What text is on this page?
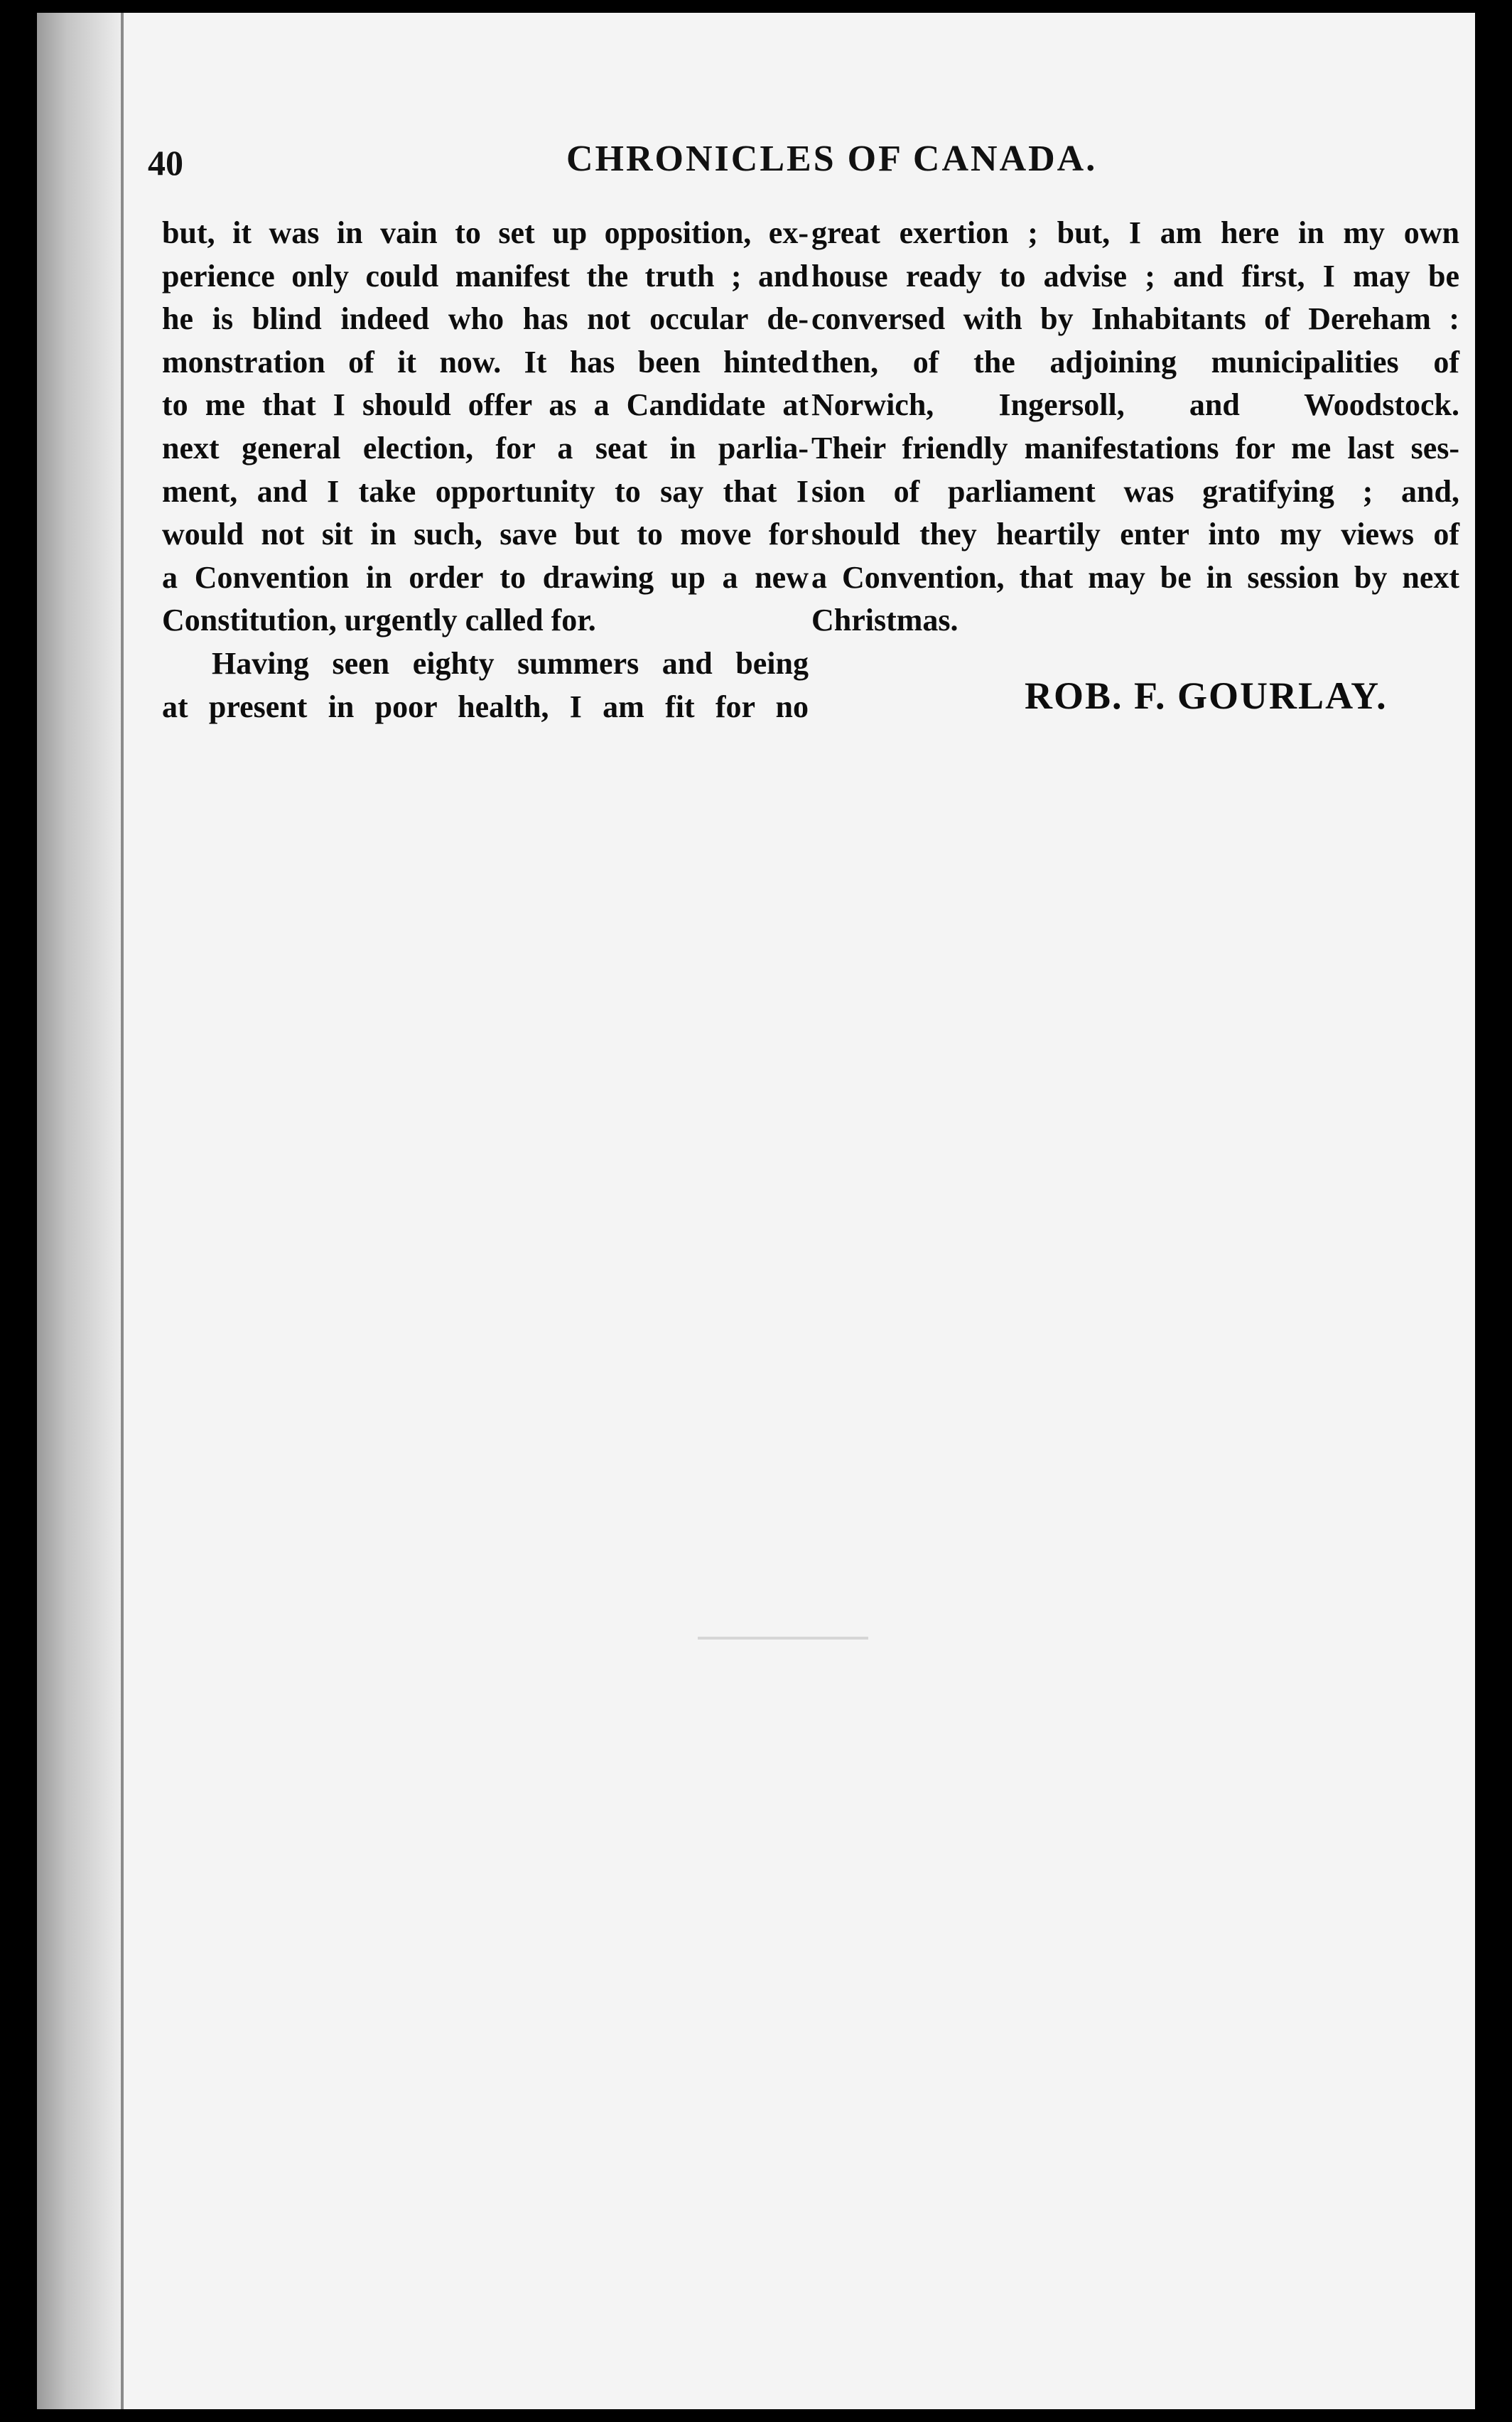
40	CHRONICLES OF CANADA.
but, it was in vain to set up opposition, ex-
perience only could manifest the truth ; and
he is blind indeed who has not occular de-
monstration of it now. It has been hinted
to me that I should offer as a Candidate at
next general election, for a seat in parlia-
ment, and I take opportunity to say that I
would not sit in such, save but to move for
a Convention in order to drawing up a new
Constitution, urgently called for.
Having seen eighty summers and being
at present in poor health, I am fit for no
great exertion ; but, I am here in my own
house ready to advise ; and first, I may be
conversed with by Inhabitants of Dereham :
then, of the adjoining municipalities of
Norwich, Ingersoll, and Woodstock.
Their friendly manifestations for me last ses-
sion of parliament was gratifying ; and,
should they heartily enter into my views of
a Convention, that may be in session by next
Christmas.
ROB. F. GOURLAY.
